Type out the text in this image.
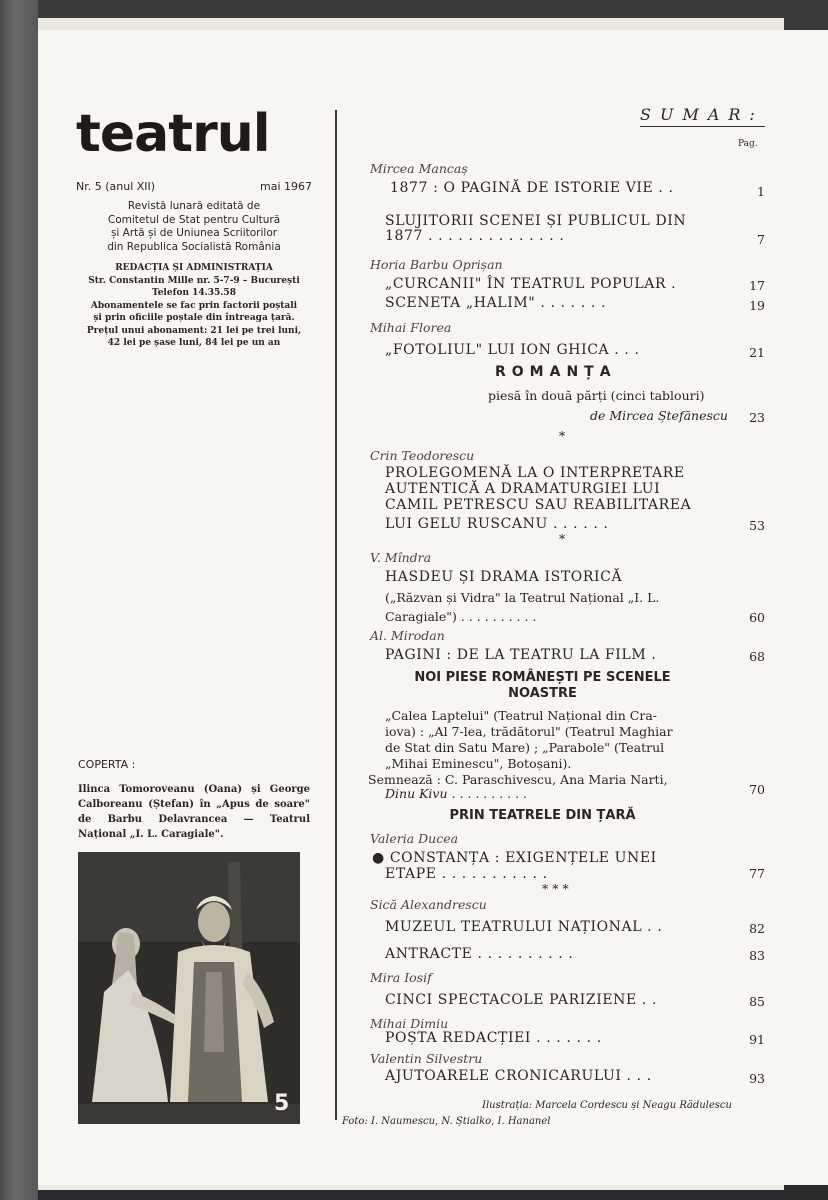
teatrul
Nr. 5 (anul XII)	mai 1967
Revistă lunară editată de
Comitetul de Stat pentru Cultură
și Artă și de Uniunea Scriitorilor
din Republica Socialistă România
REDACȚIA ȘI ADMINISTRAȚIA
Str. Constantin Mille nr. 5-7-9 – București
Telefon 14.35.58
Abonamentele se fac prin factorii poștali
și prin oficiile poștale din întreaga țară.
Prețul unui abonament: 21 lei pe trei luni,
42 lei pe șase luni, 84 lei pe un an
COPERTA :
Ilinca Tomoroveanu (Oana) și George Calboreanu (Ștefan) în „Apus de soare" de Barbu Delavrancea — Teatrul Național „I. L. Caragiale".
5
SUMAR:
Pag.
Mircea Mancaș
1877 : O PAGINĂ DE ISTORIE VIE . .	1
SLUJITORII SCENEI ȘI PUBLICUL DIN
1877 . . . . . . . . . . . . . .	7
Horia Barbu Oprișan
„CURCANII" ÎN TEATRUL POPULAR .	17
SCENETA „HALIM" . . . . . . .	19
Mihai Florea
„FOTOLIUL" LUI ION GHICA . . .	21
ROMANȚA
piesă în două părți (cinci tablouri)
de Mircea Ștefănescu	23
*
Crin Teodorescu
PROLEGOMENĂ LA O INTERPRETARE
AUTENTICĂ A DRAMATURGIEI LUI
CAMIL PETRESCU SAU REABILITAREA
LUI GELU RUSCANU . . . . . .	53
*
V. Mîndra
HASDEU ȘI DRAMA ISTORICĂ
(„Răzvan și Vidra" la Teatrul Național „I. L.
Caragiale") . . . . . . . . . .	60
Al. Mirodan
PAGINI : DE LA TEATRU LA FILM .	68
NOI PIESE ROMÂNEȘTI PE SCENELE
NOASTRE
„Calea Laptelui" (Teatrul Național din Cra-
iova) : „Al 7-lea, trădătorul" (Teatrul Maghiar
de Stat din Satu Mare) ; „Parabole" (Teatrul
„Mihai Eminescu", Botoșani).
Semnează : C. Paraschivescu, Ana Maria Narti,
Dinu Kivu . . . . . . . . . .	70
PRIN TEATRELE DIN ȚARĂ
Valeria Ducea
● CONSTANȚA : EXIGENȚELE UNEI
ETAPE . . . . . . . . . . .	77
* * *
Sică Alexandrescu
MUZEUL TEATRULUI NAȚIONAL . .	82
ANTRACTE . . . . . . . . . .	83
Mira Iosif
CINCI SPECTACOLE PARIZIENE . .	85
Mihai Dimiu
POȘTA REDACȚIEI . . . . . . .	91
Valentin Silvestru
AJUTOARELE CRONICARULUI . . .	93
Ilustrația: Marcela Cordescu și Neagu Rădulescu
Foto: I. Naumescu, N. Știalko, I. Hananel
